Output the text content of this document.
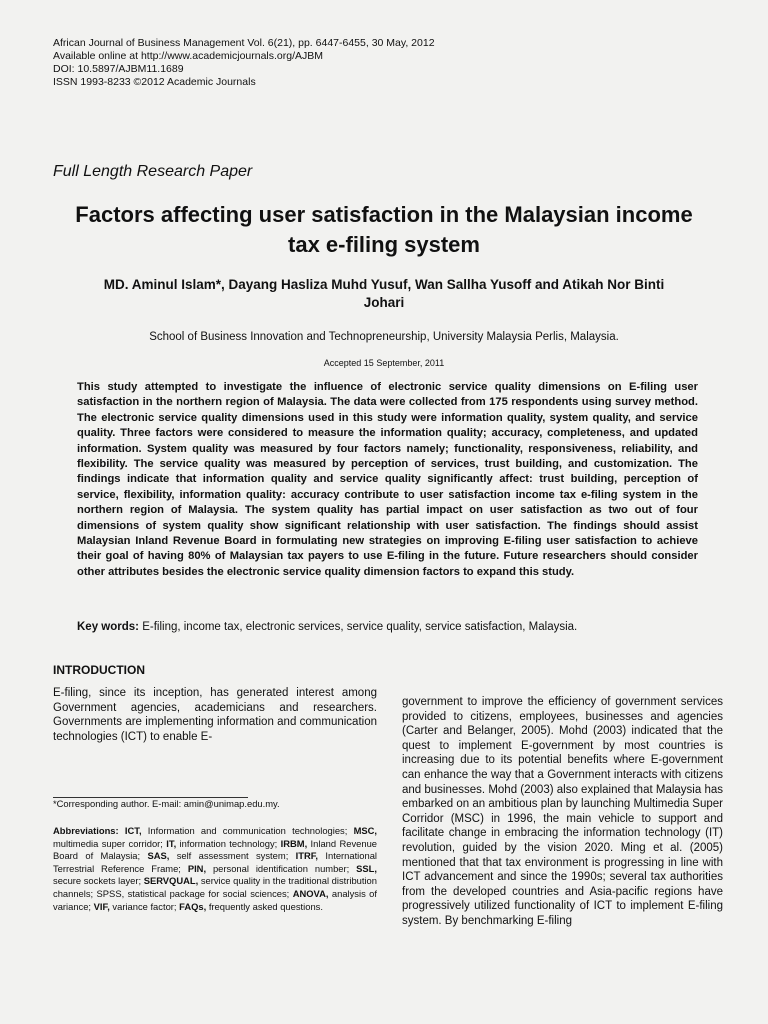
African Journal of Business Management Vol. 6(21), pp. 6447-6455, 30 May, 2012
Available online at http://www.academicjournals.org/AJBM
DOI: 10.5897/AJBM11.1689
ISSN 1993-8233 ©2012 Academic Journals
Full Length Research Paper
Factors affecting user satisfaction in the Malaysian income tax e-filing system
MD. Aminul Islam*, Dayang Hasliza Muhd Yusuf, Wan Sallha Yusoff and Atikah Nor Binti Johari
School of Business Innovation and Technopreneurship, University Malaysia Perlis, Malaysia.
Accepted 15 September, 2011
This study attempted to investigate the influence of electronic service quality dimensions on E-filing user satisfaction in the northern region of Malaysia. The data were collected from 175 respondents using survey method. The electronic service quality dimensions used in this study were information quality, system quality, and service quality. Three factors were considered to measure the information quality; accuracy, completeness, and updated information. System quality was measured by four factors namely; functionality, responsiveness, reliability, and flexibility. The service quality was measured by perception of services, trust building, and customization. The findings indicate that information quality and service quality significantly affect: trust building, perception of service, flexibility, information quality: accuracy contribute to user satisfaction income tax e-filing system in the northern region of Malaysia. The system quality has partial impact on user satisfaction as two out of four dimensions of system quality show significant relationship with user satisfaction. The findings should assist Malaysian Inland Revenue Board in formulating new strategies on improving E-filing user satisfaction to achieve their goal of having 80% of Malaysian tax payers to use E-filing in the future. Future researchers should consider other attributes besides the electronic service quality dimension factors to expand this study.
Key words: E-filing, income tax, electronic services, service quality, service satisfaction, Malaysia.
INTRODUCTION
E-filing, since its inception, has generated interest among Government agencies, academicians and researchers. Governments are implementing information and communication technologies (ICT) to enable E-
government to improve the efficiency of government services provided to citizens, employees, businesses and agencies (Carter and Belanger, 2005). Mohd (2003) indicated that the quest to implement E-government by most countries is increasing due to its potential benefits where E-government can enhance the way that a Government interacts with citizens and businesses. Mohd (2003) also explained that Malaysia has embarked on an ambitious plan by launching Multimedia Super Corridor (MSC) in 1996, the main vehicle to support and facilitate change in embracing the information technology (IT) revolution, guided by the vision 2020. Ming et al. (2005) mentioned that that tax environment is progressing in line with ICT advancement and since the 1990s; several tax authorities from the developed countries and Asia-pacific regions have progressively utilized functionality of ICT to implement E-filing system. By benchmarking E-filing
*Corresponding author. E-mail: amin@unimap.edu.my.
Abbreviations: ICT, Information and communication technologies; MSC, multimedia super corridor; IT, information technology; IRBM, Inland Revenue Board of Malaysia; SAS, self assessment system; ITRF, International Terrestrial Reference Frame; PIN, personal identification number; SSL, secure sockets layer; SERVQUAL, service quality in the traditional distribution channels; SPSS, statistical package for social sciences; ANOVA, analysis of variance; VIF, variance factor; FAQs, frequently asked questions.
